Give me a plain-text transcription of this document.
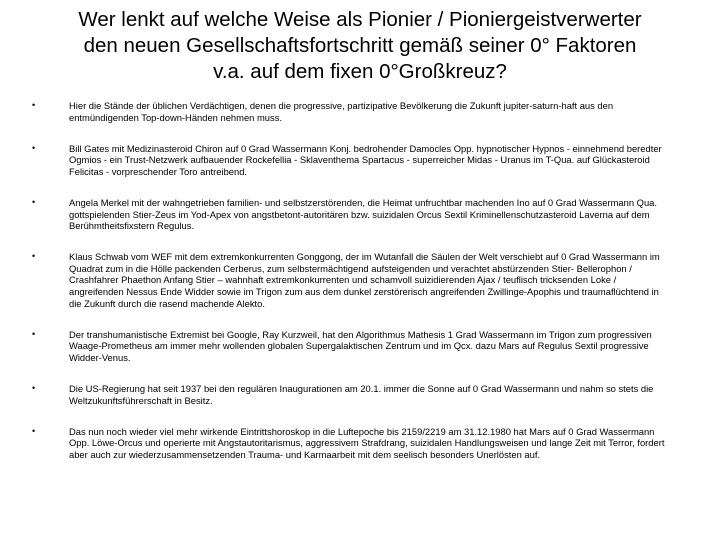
Wer lenkt auf welche Weise als Pionier / Pioniergeistverwerter
den neuen Gesellschaftsfortschritt gemäß seiner 0° Faktoren
v.a. auf dem fixen 0°Großkreuz?
•	Hier die Stände der üblichen Verdächtigen, denen die progressive, partizipative Bevölkerung die Zukunft jupiter-saturn-haft aus den entmündigenden Top-down-Händen nehmen muss.
•	Bill Gates mit Medizinasteroid Chiron auf 0 Grad Wassermann Konj. bedrohender Damocles Opp. hypnotischer Hypnos - einnehmend beredter Ogmios - ein Trust-Netzwerk aufbauender Rockefellia - Sklaventhema Spartacus - superreicher Midas - Uranus im T-Qua. auf Glückasteroid Felicitas - vorpreschender Toro antreibend.
•	Angela Merkel mit der wahngetrieben familien- und selbstzerstörenden, die Heimat unfruchtbar machenden Ino auf 0 Grad Wassermann Qua. gottspielenden Stier-Zeus im Yod-Apex von angstbetont-autoritären bzw. suizidalen Orcus Sextil Kriminellenschutzasteroid Laverna auf dem Berühmtheitsfixstern Regulus.
•	Klaus Schwab vom WEF mit dem extremkonkurrenten Gonggong, der im Wutanfall die Säulen der Welt verschiebt auf 0 Grad Wassermann im Quadrat zum in die Hölle packenden Cerberus, zum selbstermächtigend aufsteigenden und verachtet abstürzenden Stier- Bellerophon / Crashfahrer Phaethon Anfang Stier – wahnhaft extremkonkurrenten und schamvoll suizidierenden Ajax / teuflisch tricksenden Loke / angreifenden Nessus Ende Widder sowie im Trigon zum aus dem dunkel zerstörerisch angreifenden Zwillinge-Apophis und traumaflüchtend in die Zukunft durch die rasend machende Alekto.
•	Der transhumanistische Extremist bei Google, Ray Kurzweil, hat den Algorithmus Mathesis 1 Grad Wassermann im Trigon zum progressiven Waage-Prometheus am immer mehr wollenden globalen Supergalaktischen Zentrum und im Qcx. dazu Mars auf Regulus Sextil progressive Widder-Venus.
•	Die US-Regierung hat seit 1937 bei den regulären Inaugurationen am 20.1. immer die Sonne auf 0 Grad Wassermann und nahm so stets die Weltzukunftsführerschaft in Besitz.
•	Das nun noch wieder viel mehr wirkende Eintrittshoroskop in die Luftepoche bis 2159/2219 am 31.12.1980 hat Mars auf 0 Grad Wassermann Opp. Löwe-Orcus und operierte mit Angstautoritarismus, aggressivem Strafdrang, suizidalen Handlungsweisen und lange Zeit mit Terror, fordert aber auch zur wiederzusammensetzenden Trauma- und Karmaarbeit mit dem seelisch besonders Unerlösten auf.
